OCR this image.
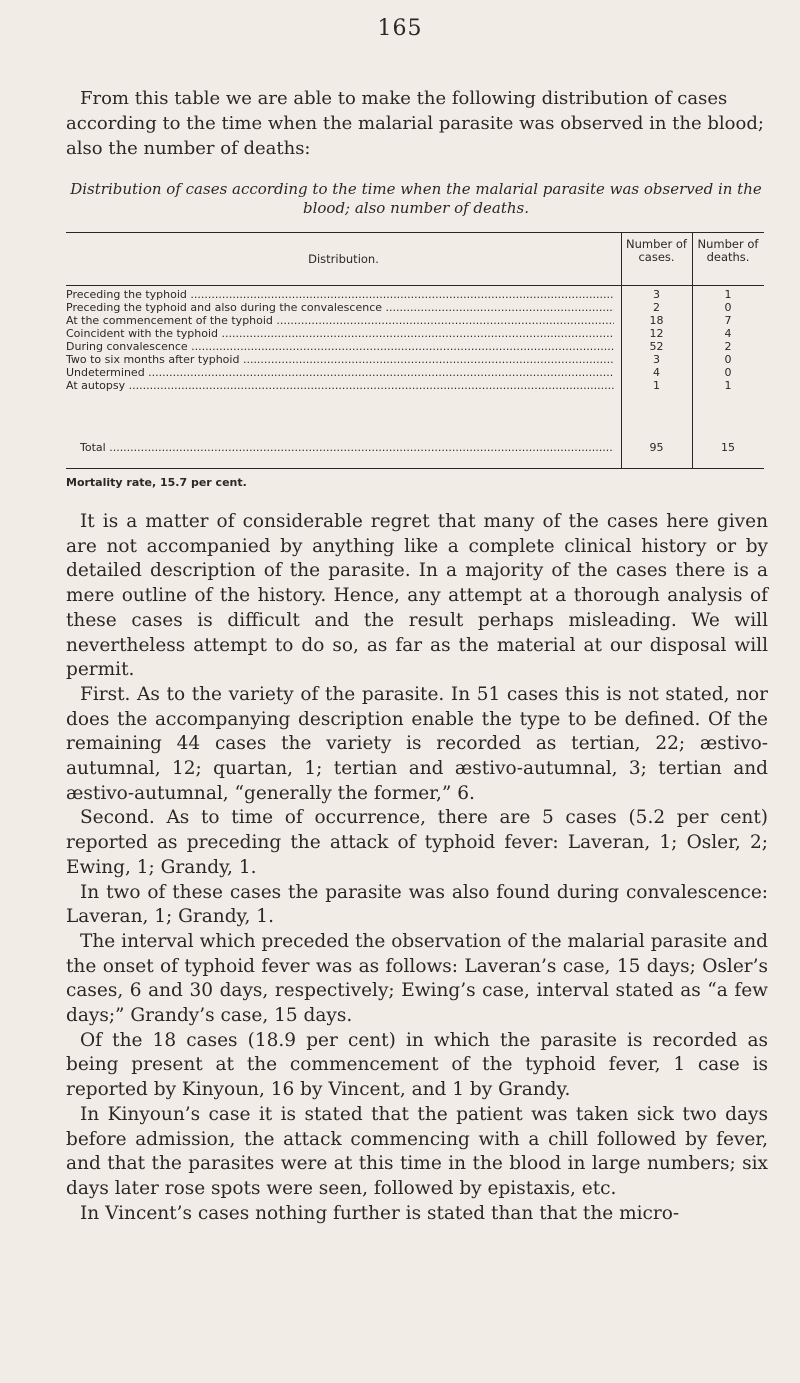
165

From this table we are able to make the following distribution of cases according to the time when the malarial parasite was observed in the blood; also the number of deaths:

Distribution of cases according to the time when the malarial parasite was observed in the blood; also number of deaths.

Distribution.
Number of cases.
Number of deaths.
Preceding the typhoid .....	3	1
Preceding the typhoid and also during the convalescence .....	2	0
At the commencement of the typhoid .....	18	7
Coincident with the typhoid .....	12	4
During convalescence .....	52	2
Two to six months after typhoid .....	3	0
Undetermined .....	4	0
At autopsy .....	1	1
Total .....	95	15

Mortality rate, 15.7 per cent.

It is a matter of considerable regret that many of the cases here given are not accompanied by anything like a complete clinical history or by detailed description of the parasite. In a majority of the cases there is a mere outline of the history. Hence, any attempt at a thorough analysis of these cases is difficult and the result perhaps misleading. We will nevertheless attempt to do so, as far as the material at our disposal will permit.

First. As to the variety of the parasite. In 51 cases this is not stated, nor does the accompanying description enable the type to be defined. Of the remaining 44 cases the variety is recorded as tertian, 22; æstivo-autumnal, 12; quartan, 1; tertian and æstivo-autumnal, 3; tertian and æstivo-autumnal, “generally the former,” 6.

Second. As to time of occurrence, there are 5 cases (5.2 per cent) reported as preceding the attack of typhoid fever: Laveran, 1; Osler, 2; Ewing, 1; Grandy, 1.

In two of these cases the parasite was also found during convalescence: Laveran, 1; Grandy, 1.

The interval which preceded the observation of the malarial parasite and the onset of typhoid fever was as follows: Laveran’s case, 15 days; Osler’s cases, 6 and 30 days, respectively; Ewing’s case, interval stated as “a few days;” Grandy’s case, 15 days.

Of the 18 cases (18.9 per cent) in which the parasite is recorded as being present at the commencement of the typhoid fever, 1 case is reported by Kinyoun, 16 by Vincent, and 1 by Grandy.

In Kinyoun’s case it is stated that the patient was taken sick two days before admission, the attack commencing with a chill followed by fever, and that the parasites were at this time in the blood in large numbers; six days later rose spots were seen, followed by epistaxis, etc.

In Vincent’s cases nothing further is stated than that the micro-
